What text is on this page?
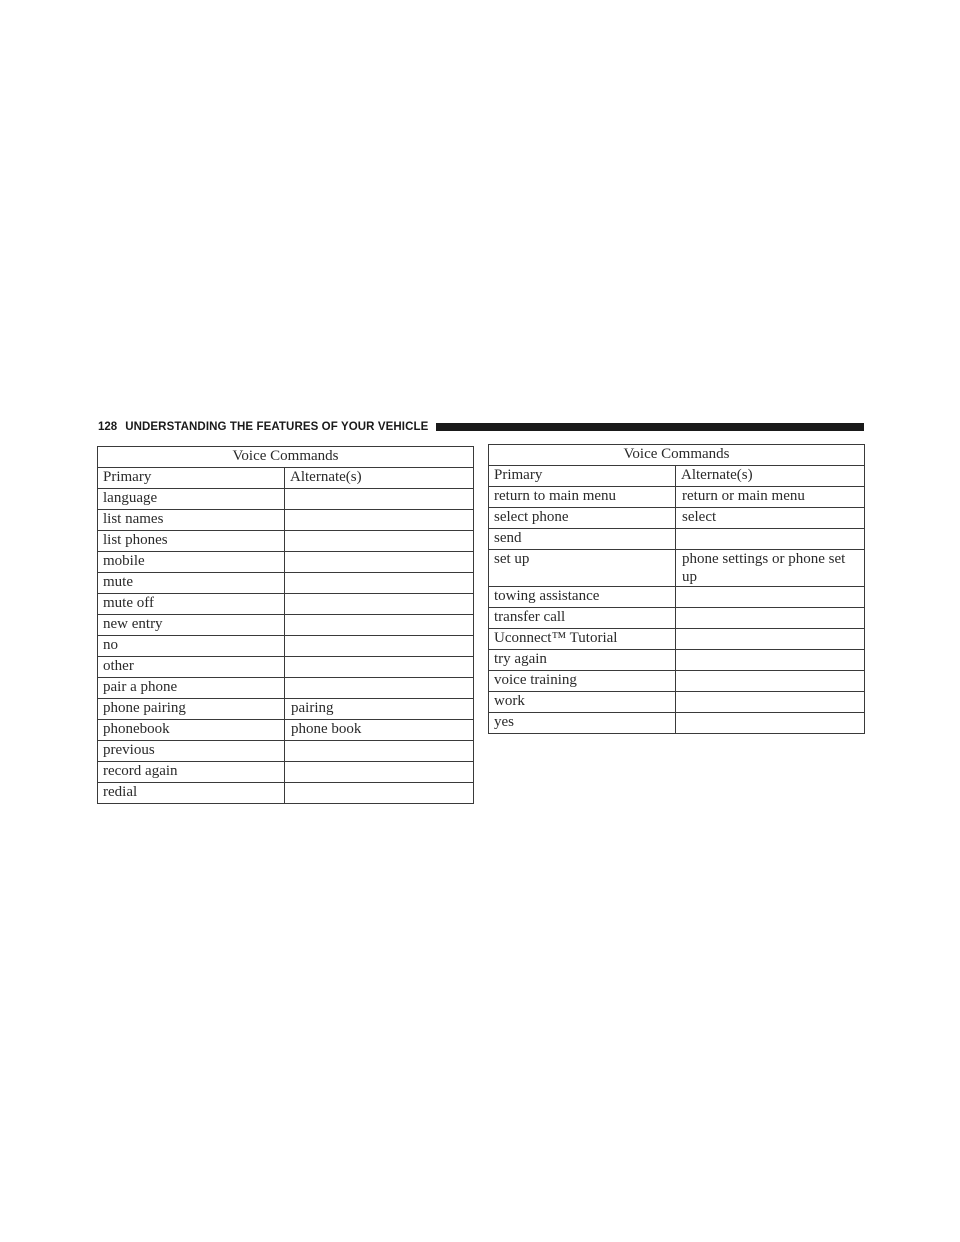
128 UNDERSTANDING THE FEATURES OF YOUR VEHICLE
Voice Commands	
Primary	Alternate(s)
language	
list names	
list phones	
mobile	
mute	
mute off	
new entry	
no	
other	
pair a phone	
phone pairing	pairing
phonebook	phone book
previous	
record again	
redial	
Voice Commands	
Primary	Alternate(s)
return to main menu	return or main menu
select phone	select
send	
set up	phone settings or phone set up
towing assistance	
transfer call	
Uconnect™ Tutorial	
try again	
voice training	
work	
yes	
